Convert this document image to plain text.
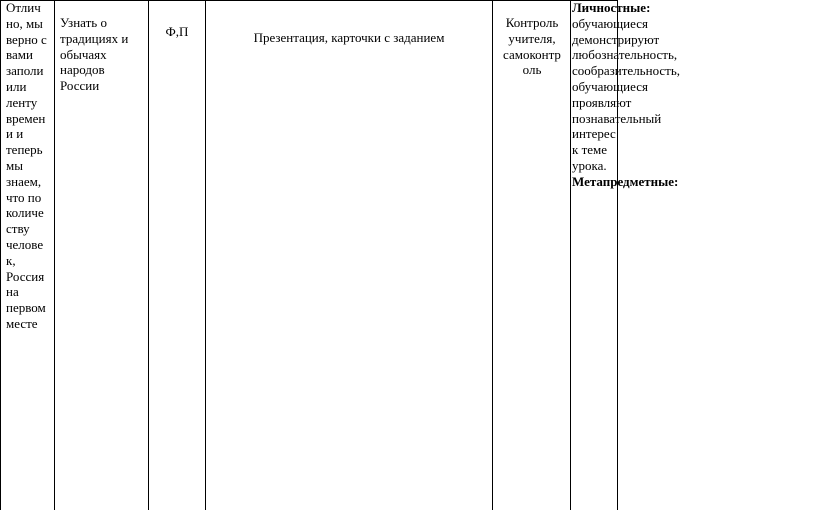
Отлич но, мы верно с вами заполи или ленту времен и и теперь мы знаем, что по количе ству челове к, Россия на первом месте
Узнать о традициях и обычаях народов России
Ф,П	Презентация, карточки с заданием
Контроль учителя, самоконтр оль

Личностные: обучающиеся демонстрируют любознательность, сообразительность, обучающиеся проявляют познавательный интерес к теме урока.

Метапредметные:
